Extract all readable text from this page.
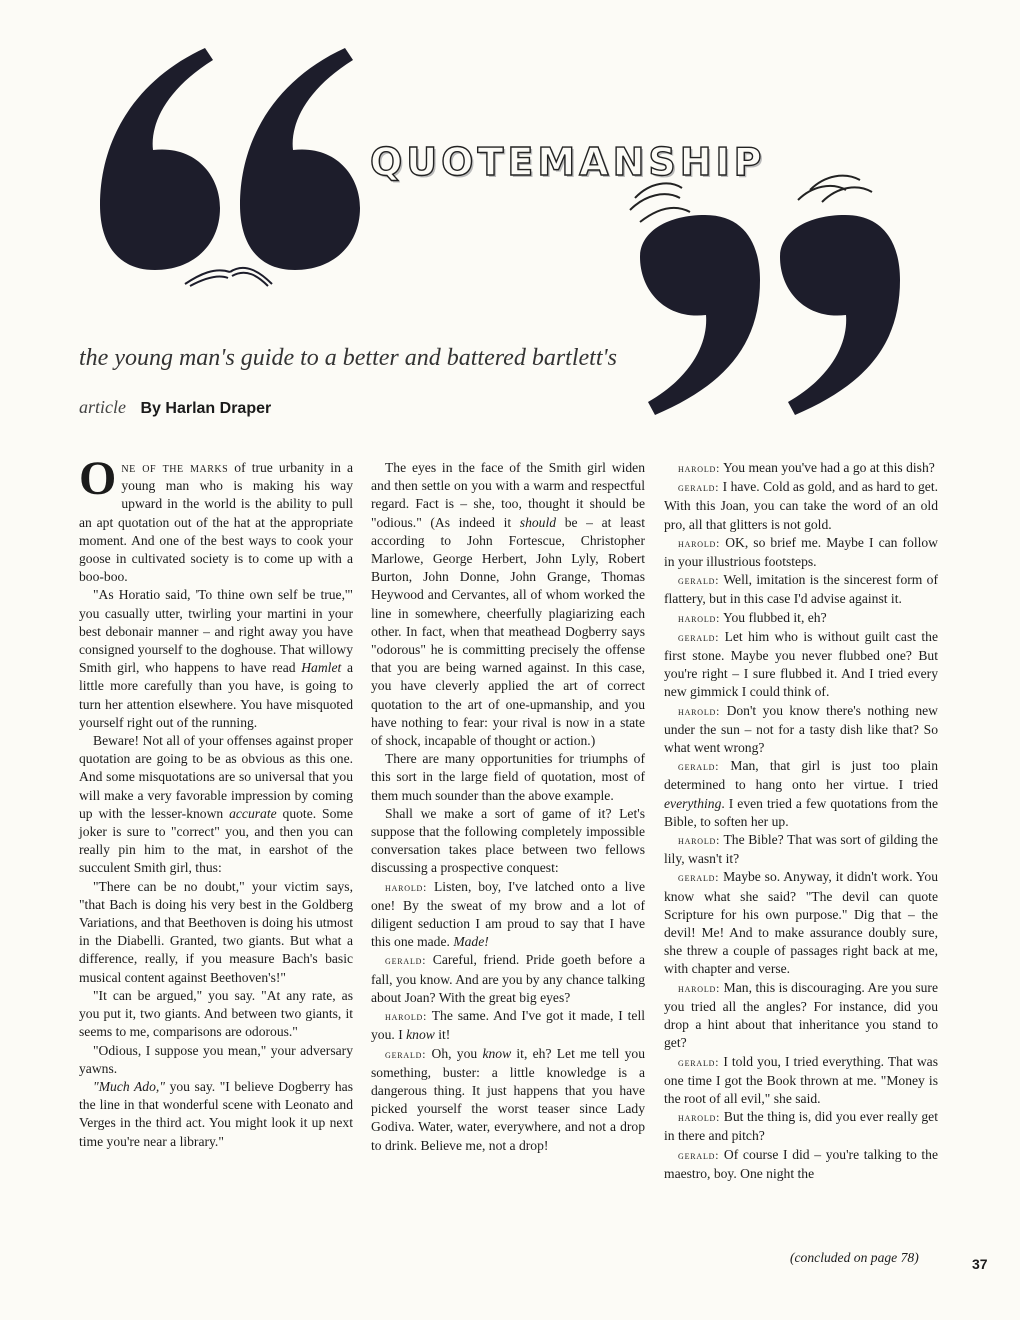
QUOTEMANSHIP
the young man's guide to a better and battered bartlett's
article By Harlan Draper

One of the marks of true urbanity in a young man who is making his way upward in the world is the ability to pull an apt quotation out of the hat at the appropriate moment. And one of the best ways to cook your goose in cultivated society is to come up with a boo-boo.

"As Horatio said, 'To thine own self be true,'" you casually utter, twirling your martini in your best debonair manner – and right away you have consigned yourself to the doghouse. That willowy Smith girl, who happens to have read Hamlet a little more carefully than you have, is going to turn her attention elsewhere. You have misquoted yourself right out of the running.

Beware! Not all of your offenses against proper quotation are going to be as obvious as this one. And some misquotations are so universal that you will make a very favorable impression by coming up with the lesser-known accurate quote. Some joker is sure to "correct" you, and then you can really pin him to the mat, in earshot of the succulent Smith girl, thus:

"There can be no doubt," your victim says, "that Bach is doing his very best in the Goldberg Variations, and that Beethoven is doing his utmost in the Diabelli. Granted, two giants. But what a difference, really, if you measure Bach's basic musical content against Beethoven's!"

"It can be argued," you say. "At any rate, as you put it, two giants. And between two giants, it seems to me, comparisons are odorous."

"Odious, I suppose you mean," your adversary yawns.

"Much Ado," you say. "I believe Dogberry has the line in that wonderful scene with Leonato and Verges in the third act. You might look it up next time you're near a library."

The eyes in the face of the Smith girl widen and then settle on you with a warm and respectful regard. Fact is – she, too, thought it should be "odious." (As indeed it should be – at least according to John Fortescue, Christopher Marlowe, George Herbert, John Lyly, Robert Burton, John Donne, John Grange, Thomas Heywood and Cervantes, all of whom worked the line in somewhere, cheerfully plagiarizing each other. In fact, when that meathead Dogberry says "odorous" he is committing precisely the offense that you are being warned against. In this case, you have cleverly applied the art of correct quotation to the art of one-upmanship, and you have nothing to fear: your rival is now in a state of shock, incapable of thought or action.)

There are many opportunities for triumphs of this sort in the large field of quotation, most of them much sounder than the above example.

Shall we make a sort of game of it? Let's suppose that the following completely impossible conversation takes place between two fellows discussing a prospective conquest:

harold: Listen, boy, I've latched onto a live one! By the sweat of my brow and a lot of diligent seduction I am proud to say that I have this one made. Made!

gerald: Careful, friend. Pride goeth before a fall, you know. And are you by any chance talking about Joan? With the great big eyes?

harold: The same. And I've got it made, I tell you. I know it!

gerald: Oh, you know it, eh? Let me tell you something, buster: a little knowledge is a dangerous thing. It just happens that you have picked yourself the worst teaser since Lady Godiva. Water, water, everywhere, and not a drop to drink. Believe me, not a drop!

harold: You mean you've had a go at this dish?

gerald: I have. Cold as gold, and as hard to get. With this Joan, you can take the word of an old pro, all that glitters is not gold.

harold: OK, so brief me. Maybe I can follow in your illustrious footsteps.

gerald: Well, imitation is the sincerest form of flattery, but in this case I'd advise against it.

harold: You flubbed it, eh?

gerald: Let him who is without guilt cast the first stone. Maybe you never flubbed one? But you're right – I sure flubbed it. And I tried every new gimmick I could think of.

harold: Don't you know there's nothing new under the sun – not for a tasty dish like that? So what went wrong?

gerald: Man, that girl is just too plain determined to hang onto her virtue. I tried everything. I even tried a few quotations from the Bible, to soften her up.

harold: The Bible? That was sort of gilding the lily, wasn't it?

gerald: Maybe so. Anyway, it didn't work. You know what she said? "The devil can quote Scripture for his own purpose." Dig that – the devil! Me! And to make assurance doubly sure, she threw a couple of passages right back at me, with chapter and verse.

harold: Man, this is discouraging. Are you sure you tried all the angles? For instance, did you drop a hint about that inheritance you stand to get?

gerald: I told you, I tried everything. That was one time I got the Book thrown at me. "Money is the root of all evil," she said.

harold: But the thing is, did you ever really get in there and pitch?

gerald: Of course I did – you're talking to the maestro, boy. One night the

(concluded on page 78)	37
